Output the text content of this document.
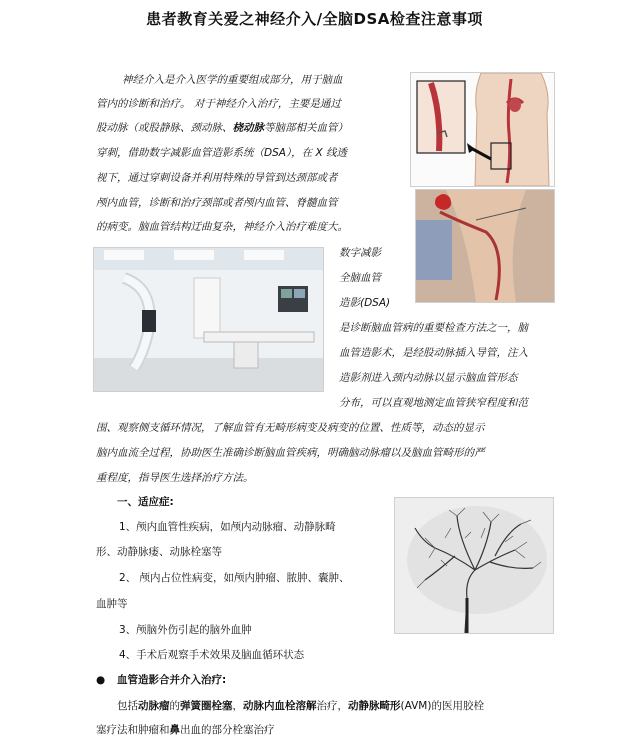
患者教育关爱之神经介入/全脑DSA检查注意事项
神经介入是介入医学的重要组成部分，用于脑血
管内的诊断和治疗。 对于神经介入治疗，主要是通过
股动脉（或股静脉、颈动脉、桡动脉等脑部相关血管）
穿刺，借助数字减影血管造影系统（DSA），在 X 线透
视下，通过穿刺设备并利用特殊的导管到达颈部或者
颅内血管，诊断和治疗颈部或者颅内血管、脊髓血管
的病变。脑血管结构迂曲复杂，神经介入治疗难度大。
数字减影
全脑血管
造影(DSA)
是诊断脑血管病的重要检查方法之一，脑
血管造影术，是经股动脉插入导管，注入
造影剂进入颈内动脉以显示脑血管形态
分布，可以直观地测定血管狭窄程度和范
围、观察侧支循环情况，了解血管有无畸形病变及病变的位置、性质等，动态的显示
脑内血流全过程，协助医生准确诊断脑血管疾病，明确脑动脉瘤以及脑血管畸形的严
重程度，指导医生选择治疗方法。
一、适应症:
1、颅内血管性疾病，如颅内动脉瘤、动静脉畸
形、动静脉瘘、动脉栓塞等
2、 颅内占位性病变，如颅内肿瘤、脓肿、囊肿、
血肿等
3、颅脑外伤引起的脑外血肿
4、手术后观察手术效果及脑血循环状态
● 血管造影合并介入治疗:
包括动脉瘤的弹簧圈栓塞，动脉内血栓溶解治疗，动静脉畸形(AVM)的医用胶栓
塞疗法和肿瘤和鼻出血的部分栓塞治疗
